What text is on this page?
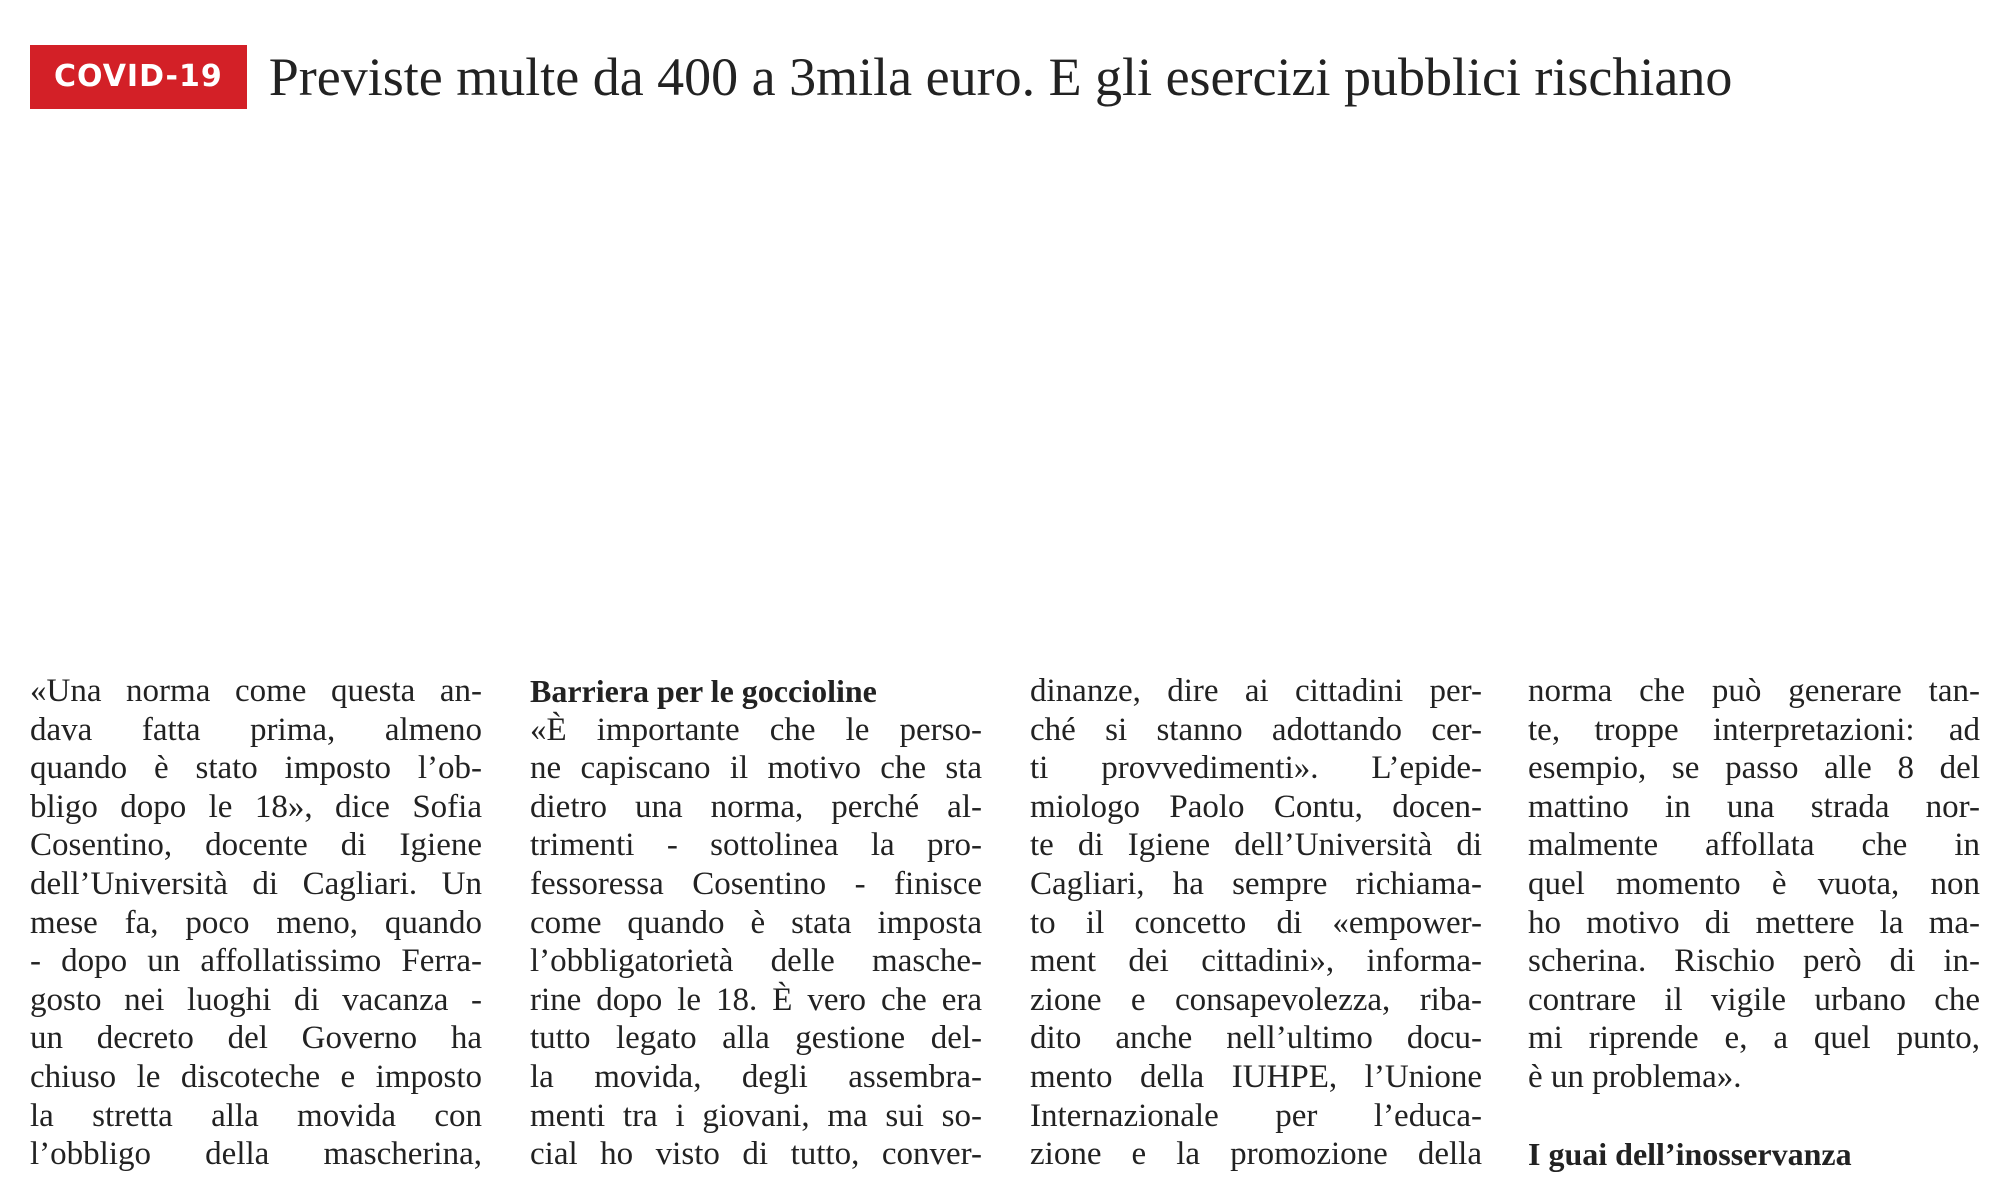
COVID-19 Previste multe da 400 a 3mila euro. E gli esercizi pubblici rischiano
«Una norma come questa an-
dava fatta prima, almeno
quando è stato imposto l’ob-
bligo dopo le 18», dice Sofia
Cosentino, docente di Igiene
dell’Università di Cagliari. Un
mese fa, poco meno, quando
- dopo un affollatissimo Ferra-
gosto nei luoghi di vacanza -
un decreto del Governo ha
chiuso le discoteche e imposto
la stretta alla movida con
l’obbligo della mascherina,
Barriera per le goccioline
«È importante che le perso-
ne capiscano il motivo che sta
dietro una norma, perché al-
trimenti - sottolinea la pro-
fessoressa Cosentino - finisce
come quando è stata imposta
l’obbligatorietà delle masche-
rine dopo le 18. È vero che era
tutto legato alla gestione del-
la movida, degli assembra-
menti tra i giovani, ma sui so-
cial ho visto di tutto, conver-
dinanze, dire ai cittadini per-
ché si stanno adottando cer-
ti provvedimenti». L’epide-
miologo Paolo Contu, docen-
te di Igiene dell’Università di
Cagliari, ha sempre richiama-
to il concetto di «empower-
ment dei cittadini», informa-
zione e consapevolezza, riba-
dito anche nell’ultimo docu-
mento della IUHPE, l’Unione
Internazionale per l’educa-
zione e la promozione della
norma che può generare tan-
te, troppe interpretazioni: ad
esempio, se passo alle 8 del
mattino in una strada nor-
malmente affollata che in
quel momento è vuota, non
ho motivo di mettere la ma-
scherina. Rischio però di in-
contrare il vigile urbano che
mi riprende e, a quel punto,
è un problema».
I guai dell’inosservanza
